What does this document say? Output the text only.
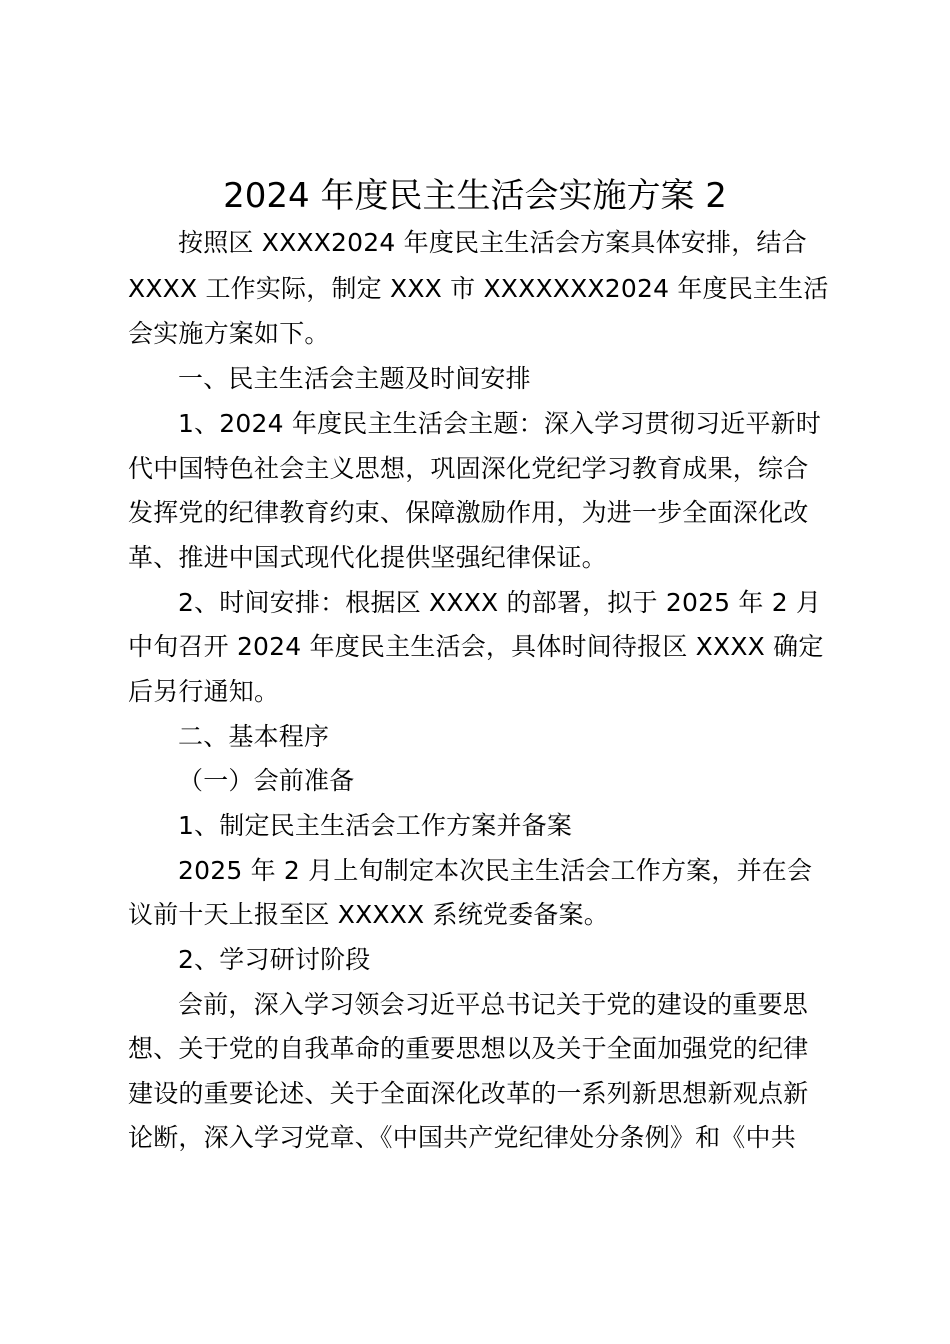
2024 年度民主生活会实施方案 2
按照区 XXXX2024 年度民主生活会方案具体安排，结合
XXXX 工作实际，制定 XXX 市 XXXXXXX2024 年度民主生活
会实施方案如下。
一、民主生活会主题及时间安排
1、2024 年度民主生活会主题：深入学习贯彻习近平新时
代中国特色社会主义思想，巩固深化党纪学习教育成果，综合
发挥党的纪律教育约束、保障激励作用，为进一步全面深化改
革、推进中国式现代化提供坚强纪律保证。
2、时间安排：根据区 XXXX 的部署，拟于 2025 年 2 月
中旬召开 2024 年度民主生活会，具体时间待报区 XXXX 确定
后另行通知。
二、基本程序
（一）会前准备
1、制定民主生活会工作方案并备案
2025 年 2 月上旬制定本次民主生活会工作方案，并在会
议前十天上报至区 XXXXX 系统党委备案。
2、学习研讨阶段
会前，深入学习领会习近平总书记关于党的建设的重要思
想、关于党的自我革命的重要思想以及关于全面加强党的纪律
建设的重要论述、关于全面深化改革的一系列新思想新观点新
论断，深入学习党章、《中国共产党纪律处分条例》和《中共
